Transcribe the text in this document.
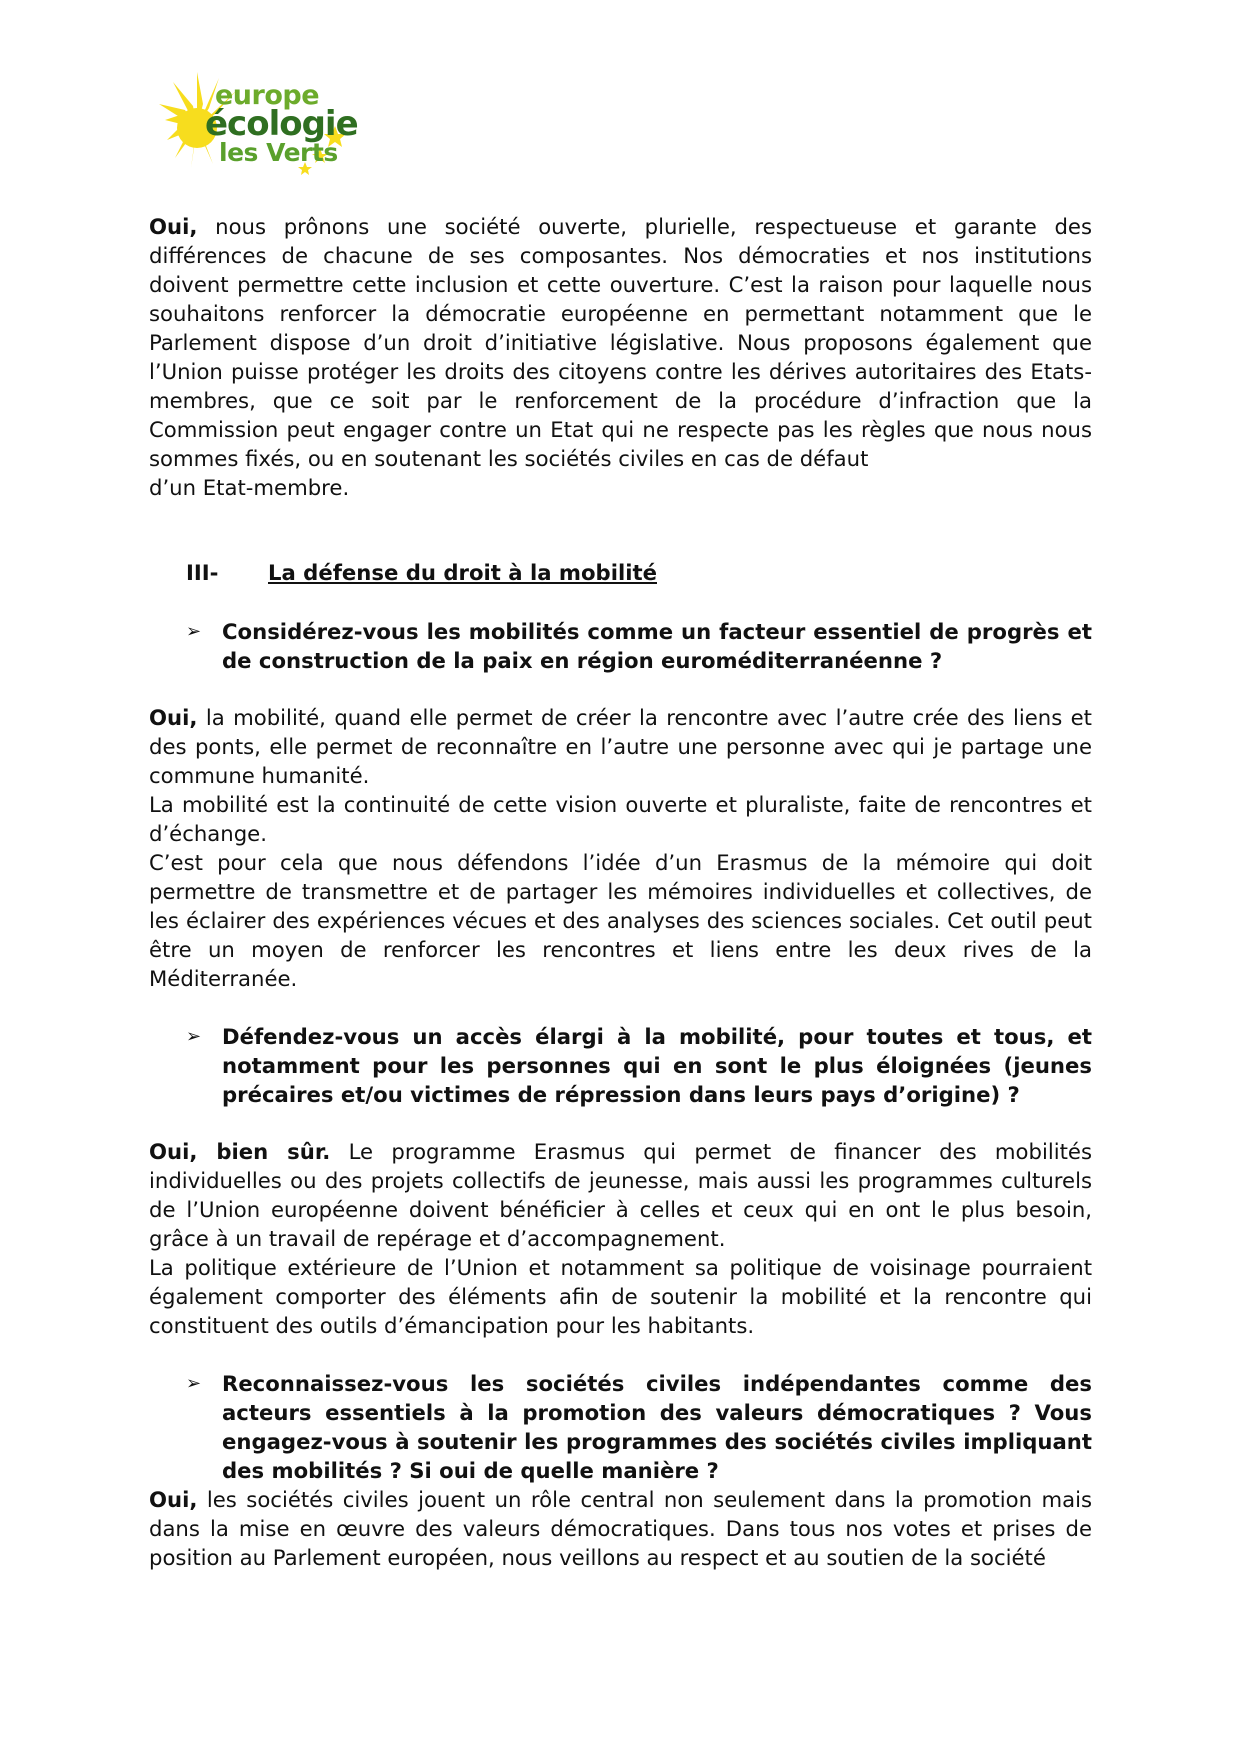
europe
écologie
les Verts

Oui, nous prônons une société ouverte, plurielle, respectueuse et garante des différences de chacune de ses composantes. Nos démocraties et nos institutions doivent permettre cette inclusion et cette ouverture. C’est la raison pour laquelle nous souhaitons renforcer la démocratie européenne en permettant notamment que le Parlement dispose d’un droit d’initiative législative. Nous proposons également que l’Union puisse protéger les droits des citoyens contre les dérives autoritaires des Etats-membres, que ce soit par le renforcement de la procédure d’infraction que la Commission peut engager contre un Etat qui ne respecte pas les règles que nous nous sommes fixés, ou en soutenant les sociétés civiles en cas de défaut

d’un Etat-membre.

III-	La défense du droit à la mobilité
➢ Considérez-vous les mobilités comme un facteur essentiel de progrès et de construction de la paix en région euroméditerranéenne ?

Oui, la mobilité, quand elle permet de créer la rencontre avec l’autre crée des liens et des ponts, elle permet de reconnaître en l’autre une personne avec qui je partage une commune humanité.

La mobilité est la continuité de cette vision ouverte et pluraliste, faite de rencontres et d’échange.

C’est pour cela que nous défendons l’idée d’un Erasmus de la mémoire qui doit permettre de transmettre et de partager les mémoires individuelles et collectives, de les éclairer des expériences vécues et des analyses des sciences sociales. Cet outil peut être un moyen de renforcer les rencontres et liens entre les deux rives de la Méditerranée.

➢ Défendez-vous un accès élargi à la mobilité, pour toutes et tous, et notamment pour les personnes qui en sont le plus éloignées (jeunes précaires et/ou victimes de répression dans leurs pays d’origine) ?

Oui, bien sûr. Le programme Erasmus qui permet de financer des mobilités individuelles ou des projets collectifs de jeunesse, mais aussi les programmes culturels de l’Union européenne doivent bénéficier à celles et ceux qui en ont le plus besoin, grâce à un travail de repérage et d’accompagnement.

La politique extérieure de l’Union et notamment sa politique de voisinage pourraient également comporter des éléments afin de soutenir la mobilité et la rencontre qui constituent des outils d’émancipation pour les habitants.

➢ Reconnaissez-vous les sociétés civiles indépendantes comme des acteurs essentiels à la promotion des valeurs démocratiques ? Vous engagez-vous à soutenir les programmes des sociétés civiles impliquant des mobilités ? Si oui de quelle manière ?

Oui, les sociétés civiles jouent un rôle central non seulement dans la promotion mais dans la mise en œuvre des valeurs démocratiques. Dans tous nos votes et prises de position au Parlement européen, nous veillons au respect et au soutien de la société
